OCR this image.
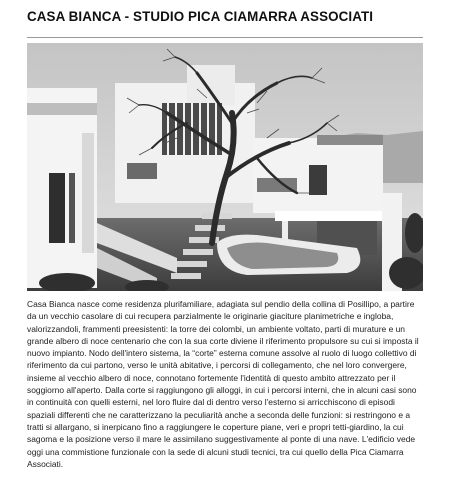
CASA BIANCA - STUDIO PICA CIAMARRA ASSOCIATI
Casa Bianca nasce come residenza plurifamiliare, adagiata sul pendio della collina di Posillipo, a partire da un vecchio casolare di cui recupera parzialmente le originarie giaciture planimetriche e ingloba, valorizzandoli, frammenti preesistenti: la torre dei colombi, un ambiente voltato, parti di murature e un grande albero di noce centenario che con la sua corte diviene il riferimento propulsore su cui si imposta il nuovo impianto. Nodo dell'intero sistema, la “corte” esterna comune assolve al ruolo di luogo collettivo di riferimento da cui partono, verso le unità abitative, i percorsi di collegamento, che nel loro convergere, insieme al vecchio albero di noce, connotano fortemente l'identità di questo ambito attrezzato per il soggiorno all'aperto. Dalla corte si raggiungono gli alloggi, in cui i percorsi interni, che in alcuni casi sono in continuità con quelli esterni, nel loro fluire dal di dentro verso l'esterno si arricchiscono di episodi spaziali differenti che ne caratterizzano la peculiarità anche a seconda delle funzioni: si restringono e a tratti si allargano, si inerpicano fino a raggiungere le coperture piane, veri e propri tetti-giardino, la cui sagoma e la posizione verso il mare le assimilano suggestivamente al ponte di una nave. L'edificio vede oggi una commistione funzionale con la sede di alcuni studi tecnici, tra cui quello della Pica Ciamarra Associati.
